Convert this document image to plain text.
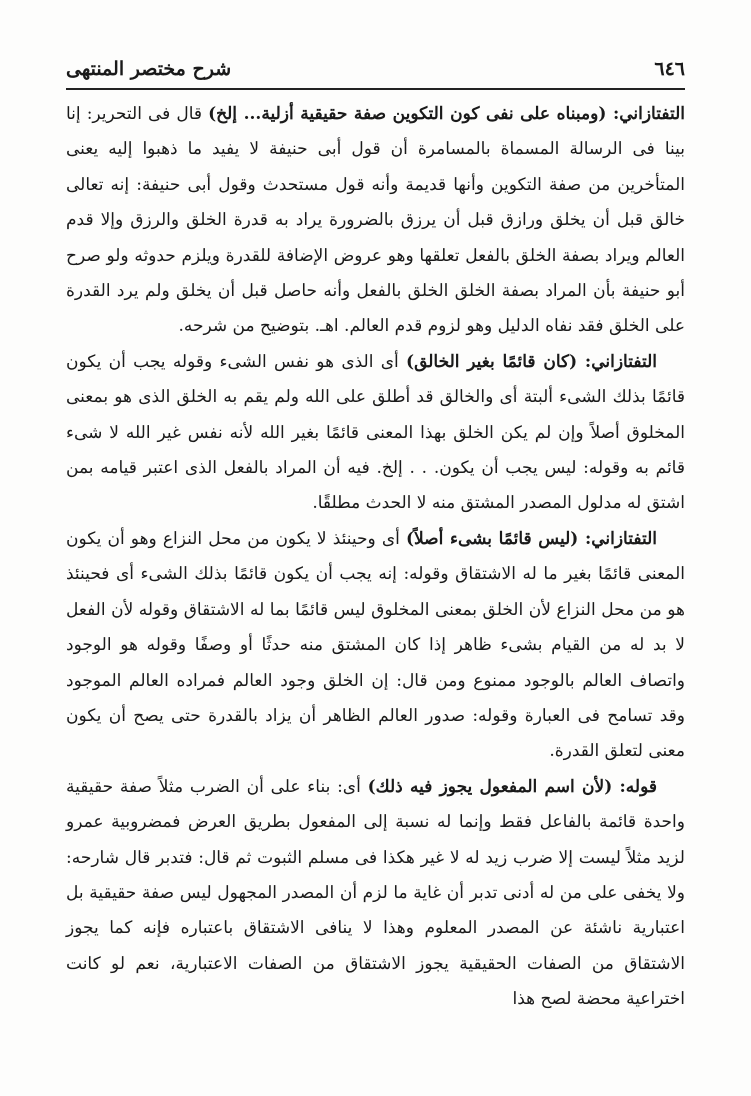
٦٤٦
شرح مختصر المنتهى

التفتازاني: (ومبناه على نفى كون التكوين صفة حقيقية أزلية... إلخ) قال فى التحرير: إنا بينا فى الرسالة المسماة بالمسامرة أن قول أبى حنيفة لا يفيد ما ذهبوا إليه يعنى المتأخرين من صفة التكوين وأنها قديمة وأنه قول مستحدث وقول أبى حنيفة: إنه تعالى خالق قبل أن يخلق ورازق قبل أن يرزق بالضرورة يراد به قدرة الخلق والرزق وإلا قدم العالم ويراد بصفة الخلق بالفعل تعلقها وهو عروض الإضافة للقدرة ويلزم حدوثه ولو صرح أبو حنيفة بأن المراد بصفة الخلق الخلق بالفعل وأنه حاصل قبل أن يخلق ولم يرد القدرة على الخلق فقد نفاه الدليل وهو لزوم قدم العالم. اهـ. بتوضيح من شرحه.

التفتازاني: (كان قائمًا بغير الخالق) أى الذى هو نفس الشىء وقوله يجب أن يكون قائمًا بذلك الشىء ألبتة أى والخالق قد أطلق على الله ولم يقم به الخلق الذى هو بمعنى المخلوق أصلاً وإن لم يكن الخلق بهذا المعنى قائمًا بغير الله لأنه نفس غير الله لا شىء قائم به وقوله: ليس يجب أن يكون. . . إلخ. فيه أن المراد بالفعل الذى اعتبر قيامه بمن اشتق له مدلول المصدر المشتق منه لا الحدث مطلقًا.

التفتازاني: (ليس قائمًا بشىء أصلاً) أى وحينئذ لا يكون من محل النزاع وهو أن يكون المعنى قائمًا بغير ما له الاشتقاق وقوله: إنه يجب أن يكون قائمًا بذلك الشىء أى فحينئذ هو من محل النزاع لأن الخلق بمعنى المخلوق ليس قائمًا بما له الاشتقاق وقوله لأن الفعل لا بد له من القيام بشىء ظاهر إذا كان المشتق منه حدثًا أو وصفًا وقوله هو الوجود واتصاف العالم بالوجود ممنوع ومن قال: إن الخلق وجود العالم فمراده العالم الموجود وقد تسامح فى العبارة وقوله: صدور العالم الظاهر أن يزاد بالقدرة حتى يصح أن يكون معنى لتعلق القدرة.

قوله: (لأن اسم المفعول يجوز فيه ذلك) أى: بناء على أن الضرب مثلاً صفة حقيقية واحدة قائمة بالفاعل فقط وإنما له نسبة إلى المفعول بطريق العرض فمضروبية عمرو لزيد مثلاً ليست إلا ضرب زيد له لا غير هكذا فى مسلم الثبوت ثم قال: فتدبر قال شارحه: ولا يخفى على من له أدنى تدبر أن غاية ما لزم أن المصدر المجهول ليس صفة حقيقية بل اعتبارية ناشئة عن المصدر المعلوم وهذا لا ينافى الاشتقاق باعتباره فإنه كما يجوز الاشتقاق من الصفات الحقيقية يجوز الاشتقاق من الصفات الاعتبارية، نعم لو كانت اختراعية محضة لصح هذا
